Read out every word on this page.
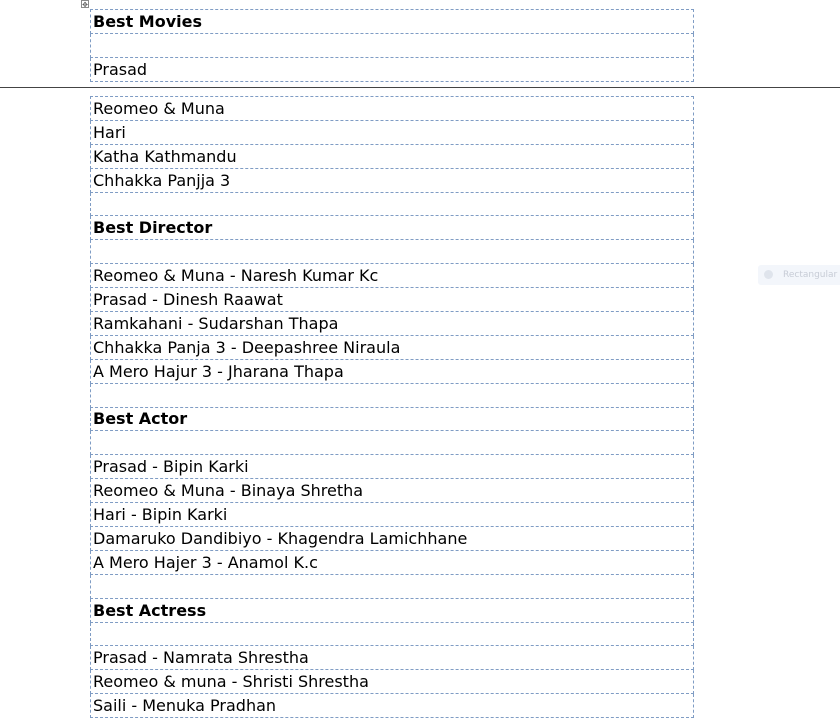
✥
Best Movies

Prasad
Reomeo & Muna
Hari
Katha Kathmandu
Chhakka Panjja 3

Best Director

Reomeo & Muna - Naresh Kumar Kc
Prasad - Dinesh Raawat
Ramkahani - Sudarshan Thapa
Chhakka Panja 3 - Deepashree Niraula
A Mero Hajur 3 - Jharana Thapa

Best Actor

Prasad - Bipin Karki
Reomeo & Muna - Binaya Shretha
Hari - Bipin Karki
Damaruko Dandibiyo - Khagendra Lamichhane
A Mero Hajer 3 - Anamol K.c

Best Actress

Prasad - Namrata Shrestha
Reomeo & muna - Shristi Shrestha
Saili - Menuka Pradhan
Rectangular
